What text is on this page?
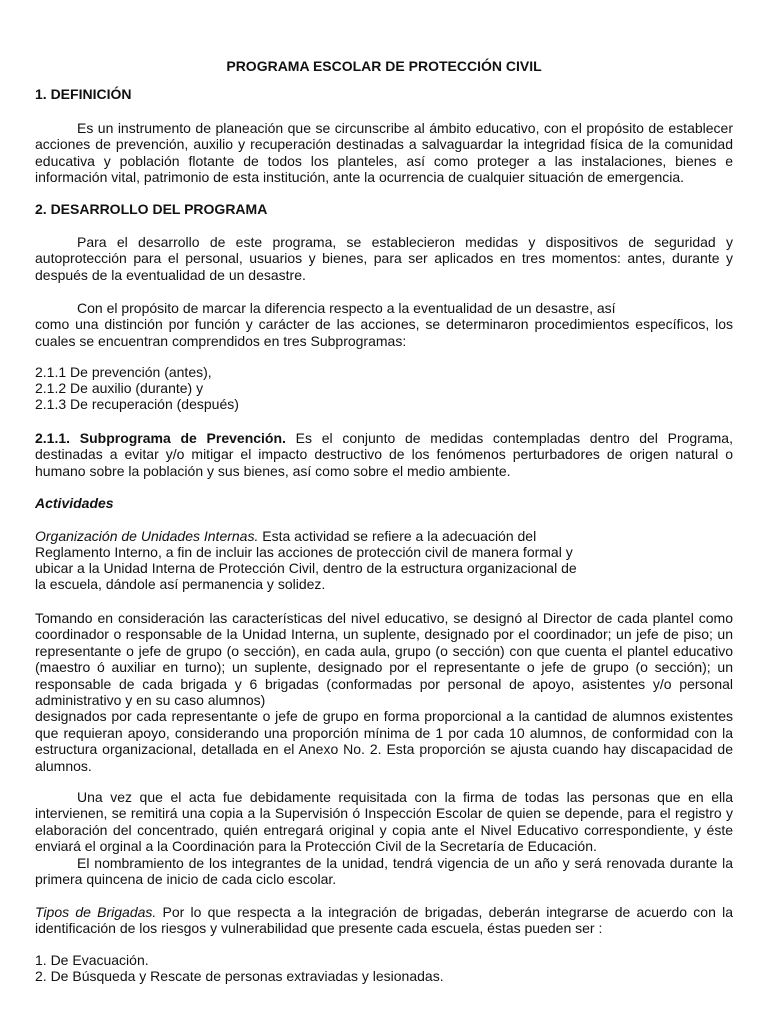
PROGRAMA ESCOLAR DE PROTECCIÓN CIVIL
1. DEFINICIÓN

Es un instrumento de planeación que se circunscribe al ámbito educativo, con el propósito de establecer acciones de prevención, auxilio y recuperación destinadas a salvaguardar la integridad física de la comunidad educativa y población flotante de todos los planteles, así como proteger a las instalaciones, bienes e información vital, patrimonio de esta institución, ante la ocurrencia de cualquier situación de emergencia.

2. DESARROLLO DEL PROGRAMA

Para el desarrollo de este programa, se establecieron medidas y dispositivos de seguridad y autoprotección para el personal, usuarios y bienes, para ser aplicados en tres momentos: antes, durante y después de la eventualidad de un desastre.

Con el propósito de marcar la diferencia respecto a la eventualidad de un desastre, así

como una distinción por función y carácter de las acciones, se determinaron procedimientos específicos, los cuales se encuentran comprendidos en tres Subprogramas:

2.1.1 De prevención (antes),
2.1.2 De auxilio (durante) y
2.1.3 De recuperación (después)

2.1.1. Subprograma de Prevención. Es el conjunto de medidas contempladas dentro del Programa, destinadas a evitar y/o mitigar el impacto destructivo de los fenómenos perturbadores de origen natural o humano sobre la población y sus bienes, así como sobre el medio ambiente.

Actividades
Organización de Unidades Internas. Esta actividad se refiere a la adecuación del
Reglamento Interno, a fin de incluir las acciones de protección civil de manera formal y
ubicar a la Unidad Interna de Protección Civil, dentro de la estructura organizacional de
la escuela, dándole así permanencia y solidez.

Tomando en consideración las características del nivel educativo, se designó al Director de cada plantel como coordinador o responsable de la Unidad Interna, un suplente, designado por el coordinador; un jefe de piso; un representante o jefe de grupo (o sección), en cada aula, grupo (o sección) con que cuenta el plantel educativo (maestro ó auxiliar en turno); un suplente, designado por el representante o jefe de grupo (o sección); un responsable de cada brigada y 6 brigadas (conformadas por personal de apoyo, asistentes y/o personal administrativo y en su caso alumnos)

designados por cada representante o jefe de grupo en forma proporcional a la cantidad de alumnos existentes que requieran apoyo, considerando una proporción mínima de 1 por cada 10 alumnos, de conformidad con la estructura organizacional, detallada en el Anexo No. 2. Esta proporción se ajusta cuando hay discapacidad de alumnos.

Una vez que el acta fue debidamente requisitada con la firma de todas las personas que en ella intervienen, se remitirá una copia a la Supervisión ó Inspección Escolar de quien se depende, para el registro y elaboración del concentrado, quién entregará original y copia ante el Nivel Educativo correspondiente, y éste enviará el orginal a la Coordinación para la Protección Civil de la Secretaría de Educación.

El nombramiento de los integrantes de la unidad, tendrá vigencia de un año y será renovada durante la primera quincena de inicio de cada ciclo escolar.

Tipos de Brigadas. Por lo que respecta a la integración de brigadas, deberán integrarse de acuerdo con la identificación de los riesgos y vulnerabilidad que presente cada escuela, éstas pueden ser :

1. De Evacuación.
2. De Búsqueda y Rescate de personas extraviadas y lesionadas.
